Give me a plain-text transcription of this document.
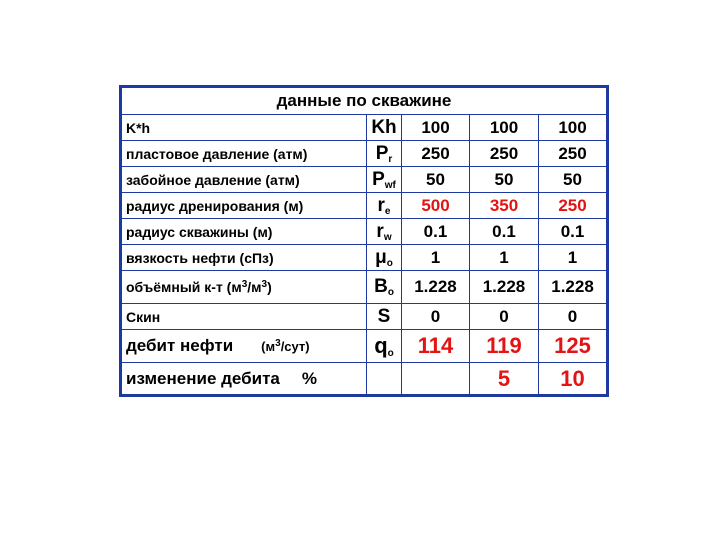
данные по скважине				
K*h	Kh	100	100	100
пластовое давление (атм)	$P_r$	250	250	250
забойное давление (атм)	$P_{wf}$	50	50	50
радиус дренирования (м)	$r_e$	500	350	250
радиус скважины (м)	$r_w$	0.1	0.1	0.1
вязкость нефти (сПз)	$\mu_o$	1	1	1
объёмный к-т $(м^3/м^3)$	$B_o$	1.228	1.228	1.228
Скин	S	0	0	0
дебит нефти $(м^3/сут)$	$q_o$	114	119	125
изменение дебита %			5	10
